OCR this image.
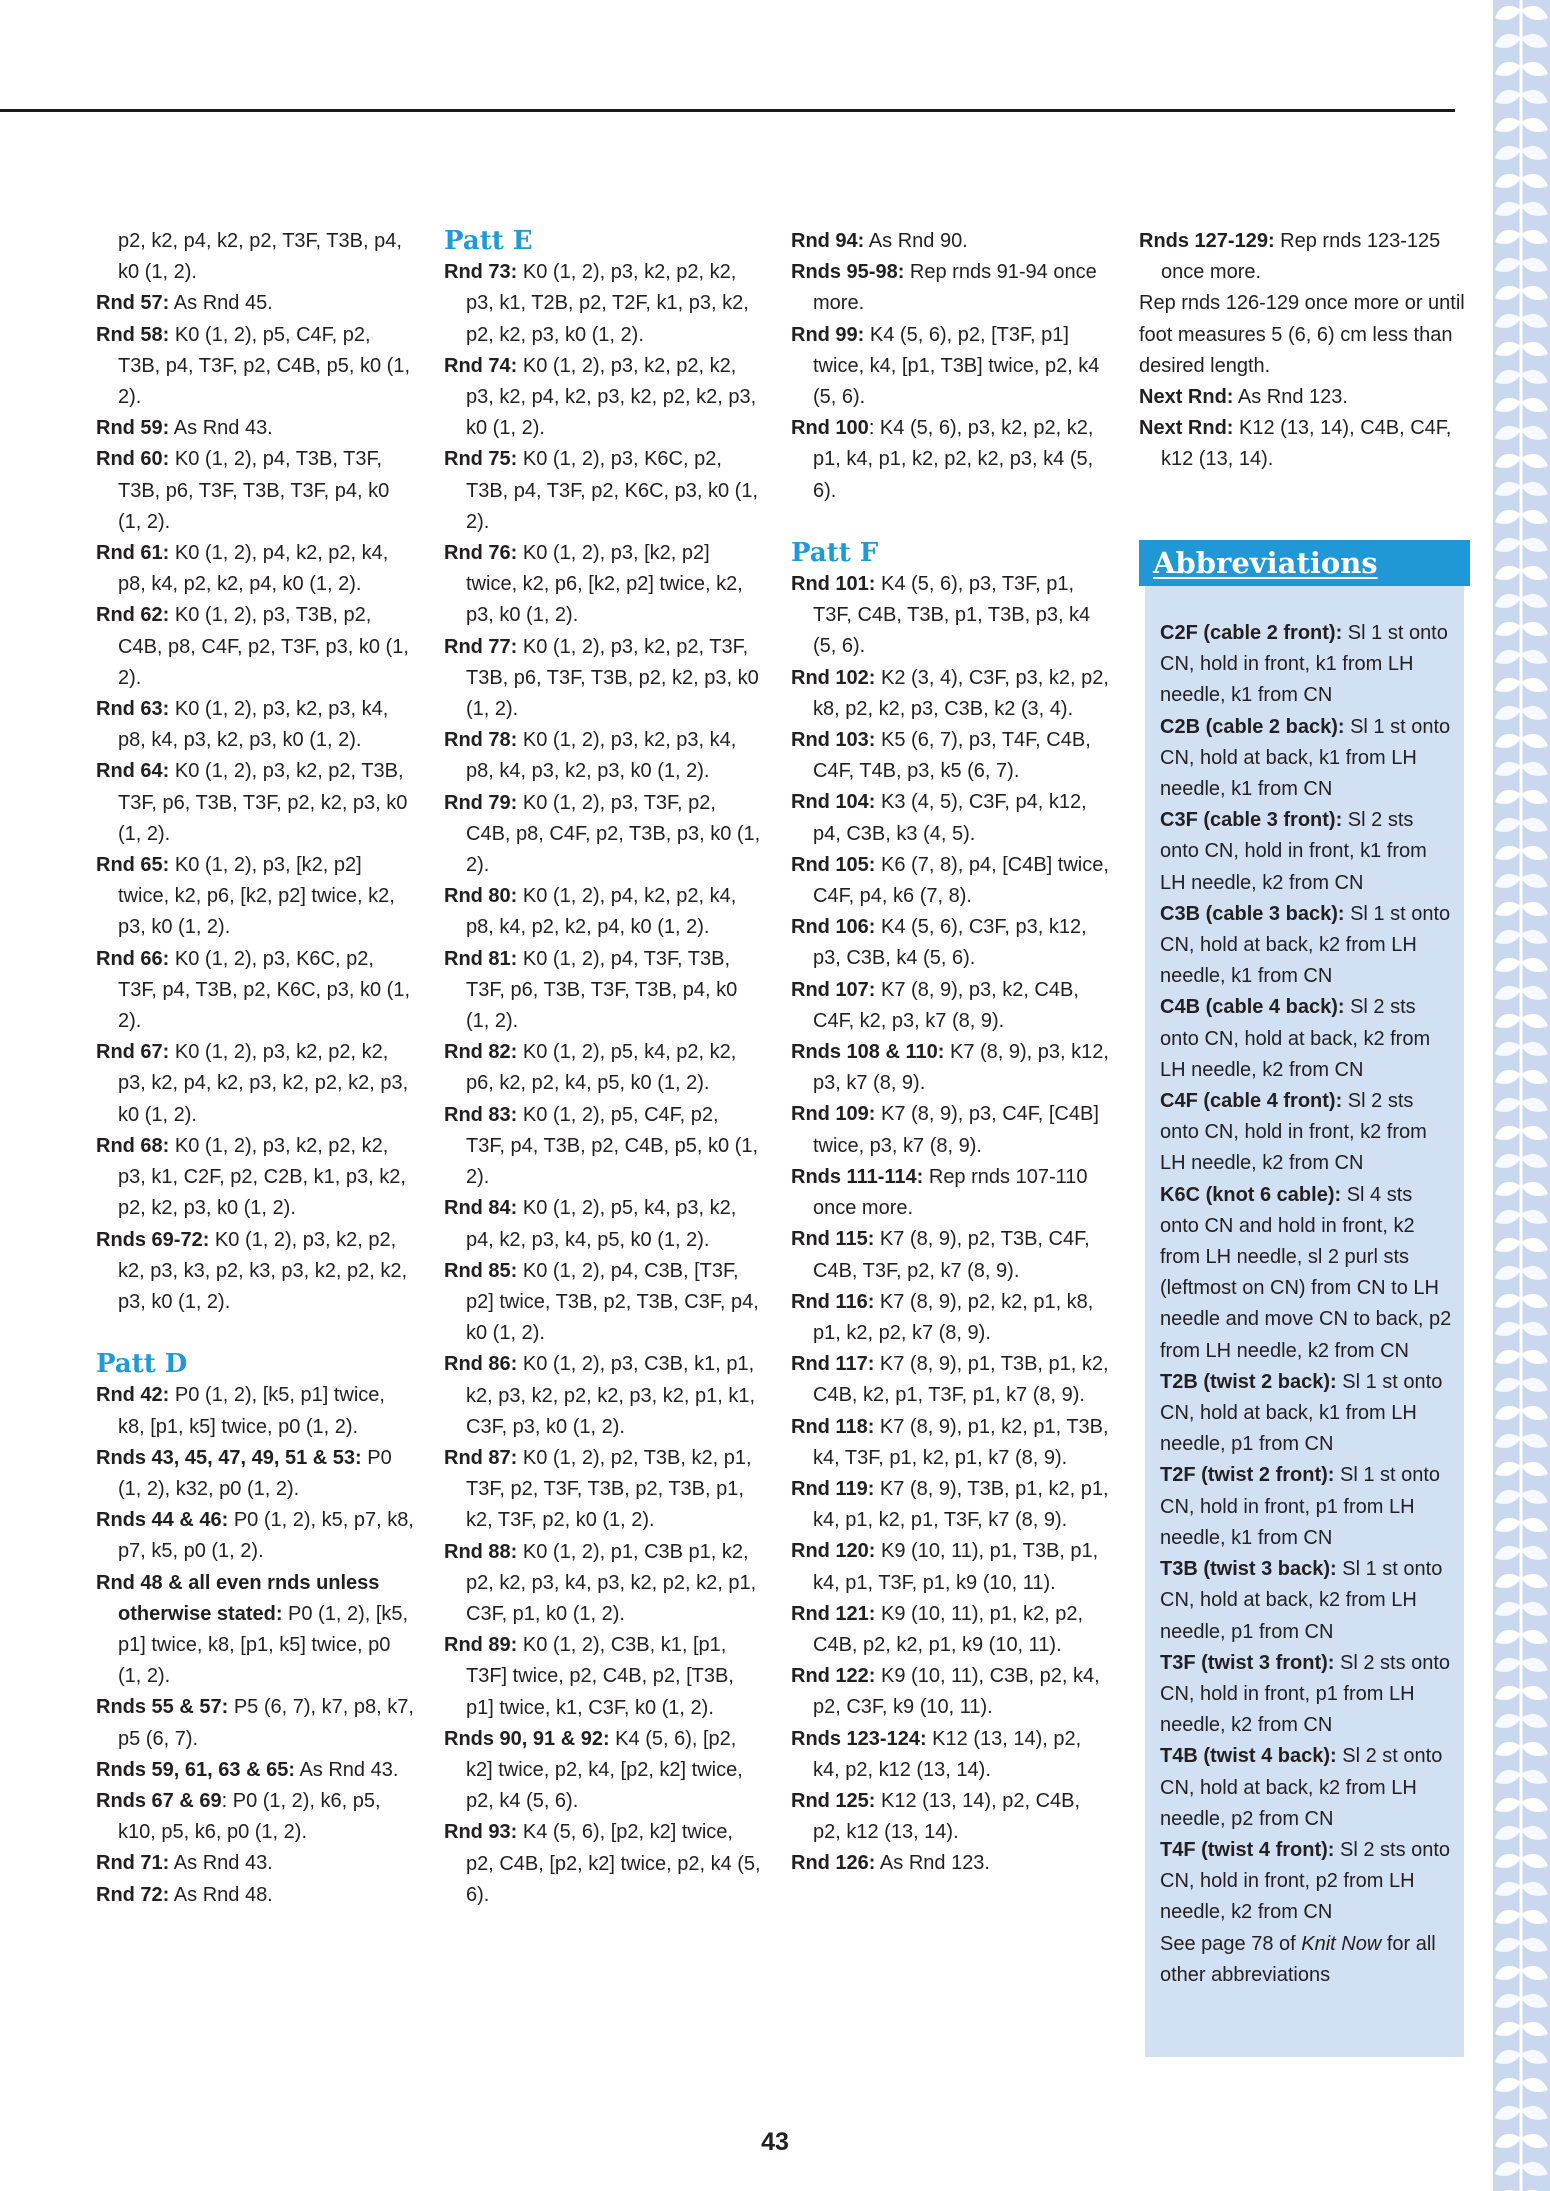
p2, k2, p4, k2, p2, T3F, T3B, p4, k0 (1, 2).
Rnd 57: As Rnd 45.
Rnd 58: K0 (1, 2), p5, C4F, p2, T3B, p4, T3F, p2, C4B, p5, k0 (1, 2).
Rnd 59: As Rnd 43.
Rnd 60: K0 (1, 2), p4, T3B, T3F, T3B, p6, T3F, T3B, T3F, p4, k0 (1, 2).
Rnd 61: K0 (1, 2), p4, k2, p2, k4, p8, k4, p2, k2, p4, k0 (1, 2).
Rnd 62: K0 (1, 2), p3, T3B, p2, C4B, p8, C4F, p2, T3F, p3, k0 (1, 2).
Rnd 63: K0 (1, 2), p3, k2, p3, k4, p8, k4, p3, k2, p3, k0 (1, 2).
Rnd 64: K0 (1, 2), p3, k2, p2, T3B, T3F, p6, T3B, T3F, p2, k2, p3, k0 (1, 2).
Rnd 65: K0 (1, 2), p3, [k2, p2] twice, k2, p6, [k2, p2] twice, k2, p3, k0 (1, 2).
Rnd 66: K0 (1, 2), p3, K6C, p2, T3F, p4, T3B, p2, K6C, p3, k0 (1, 2).
Rnd 67: K0 (1, 2), p3, k2, p2, k2, p3, k2, p4, k2, p3, k2, p2, k2, p3, k0 (1, 2).
Rnd 68: K0 (1, 2), p3, k2, p2, k2, p3, k1, C2F, p2, C2B, k1, p3, k2, p2, k2, p3, k0 (1, 2).
Rnds 69-72: K0 (1, 2), p3, k2, p2, k2, p3, k3, p2, k3, p3, k2, p2, k2, p3, k0 (1, 2).
Patt D
Rnd 42: P0 (1, 2), [k5, p1] twice, k8, [p1, k5] twice, p0 (1, 2).
Rnds 43, 45, 47, 49, 51 & 53: P0 (1, 2), k32, p0 (1, 2).
Rnds 44 & 46: P0 (1, 2), k5, p7, k8, p7, k5, p0 (1, 2).
Rnd 48 & all even rnds unless otherwise stated: P0 (1, 2), [k5, p1] twice, k8, [p1, k5] twice, p0 (1, 2).
Rnds 55 & 57: P5 (6, 7), k7, p8, k7, p5 (6, 7).
Rnds 59, 61, 63 & 65: As Rnd 43.
Rnds 67 & 69: P0 (1, 2), k6, p5, k10, p5, k6, p0 (1, 2).
Rnd 71: As Rnd 43.
Rnd 72: As Rnd 48.
Patt E
Rnd 73: K0 (1, 2), p3, k2, p2, k2, p3, k1, T2B, p2, T2F, k1, p3, k2, p2, k2, p3, k0 (1, 2).
Rnd 74: K0 (1, 2), p3, k2, p2, k2, p3, k2, p4, k2, p3, k2, p2, k2, p3, k0 (1, 2).
Rnd 75: K0 (1, 2), p3, K6C, p2, T3B, p4, T3F, p2, K6C, p3, k0 (1, 2).
Rnd 76: K0 (1, 2), p3, [k2, p2] twice, k2, p6, [k2, p2] twice, k2, p3, k0 (1, 2).
Rnd 77: K0 (1, 2), p3, k2, p2, T3F, T3B, p6, T3F, T3B, p2, k2, p3, k0 (1, 2).
Rnd 78: K0 (1, 2), p3, k2, p3, k4, p8, k4, p3, k2, p3, k0 (1, 2).
Rnd 79: K0 (1, 2), p3, T3F, p2, C4B, p8, C4F, p2, T3B, p3, k0 (1, 2).
Rnd 80: K0 (1, 2), p4, k2, p2, k4, p8, k4, p2, k2, p4, k0 (1, 2).
Rnd 81: K0 (1, 2), p4, T3F, T3B, T3F, p6, T3B, T3F, T3B, p4, k0 (1, 2).
Rnd 82: K0 (1, 2), p5, k4, p2, k2, p6, k2, p2, k4, p5, k0 (1, 2).
Rnd 83: K0 (1, 2), p5, C4F, p2, T3F, p4, T3B, p2, C4B, p5, k0 (1, 2).
Rnd 84: K0 (1, 2), p5, k4, p3, k2, p4, k2, p3, k4, p5, k0 (1, 2).
Rnd 85: K0 (1, 2), p4, C3B, [T3F, p2] twice, T3B, p2, T3B, C3F, p4, k0 (1, 2).
Rnd 86: K0 (1, 2), p3, C3B, k1, p1, k2, p3, k2, p2, k2, p3, k2, p1, k1, C3F, p3, k0 (1, 2).
Rnd 87: K0 (1, 2), p2, T3B, k2, p1, T3F, p2, T3F, T3B, p2, T3B, p1, k2, T3F, p2, k0 (1, 2).
Rnd 88: K0 (1, 2), p1, C3B p1, k2, p2, k2, p3, k4, p3, k2, p2, k2, p1, C3F, p1, k0 (1, 2).
Rnd 89: K0 (1, 2), C3B, k1, [p1, T3F] twice, p2, C4B, p2, [T3B, p1] twice, k1, C3F, k0 (1, 2).
Rnds 90, 91 & 92: K4 (5, 6), [p2, k2] twice, p2, k4, [p2, k2] twice, p2, k4 (5, 6).
Rnd 93: K4 (5, 6), [p2, k2] twice, p2, C4B, [p2, k2] twice, p2, k4 (5, 6).
Rnd 94: As Rnd 90.
Rnds 95-98: Rep rnds 91-94 once more.
Rnd 99: K4 (5, 6), p2, [T3F, p1] twice, k4, [p1, T3B] twice, p2, k4 (5, 6).
Rnd 100: K4 (5, 6), p3, k2, p2, k2, p1, k4, p1, k2, p2, k2, p3, k4 (5, 6).
Patt F
Rnd 101: K4 (5, 6), p3, T3F, p1, T3F, C4B, T3B, p1, T3B, p3, k4 (5, 6).
Rnd 102: K2 (3, 4), C3F, p3, k2, p2, k8, p2, k2, p3, C3B, k2 (3, 4).
Rnd 103: K5 (6, 7), p3, T4F, C4B, C4F, T4B, p3, k5 (6, 7).
Rnd 104: K3 (4, 5), C3F, p4, k12, p4, C3B, k3 (4, 5).
Rnd 105: K6 (7, 8), p4, [C4B] twice, C4F, p4, k6 (7, 8).
Rnd 106: K4 (5, 6), C3F, p3, k12, p3, C3B, k4 (5, 6).
Rnd 107: K7 (8, 9), p3, k2, C4B, C4F, k2, p3, k7 (8, 9).
Rnds 108 & 110: K7 (8, 9), p3, k12, p3, k7 (8, 9).
Rnd 109: K7 (8, 9), p3, C4F, [C4B] twice, p3, k7 (8, 9).
Rnds 111-114: Rep rnds 107-110 once more.
Rnd 115: K7 (8, 9), p2, T3B, C4F, C4B, T3F, p2, k7 (8, 9).
Rnd 116: K7 (8, 9), p2, k2, p1, k8, p1, k2, p2, k7 (8, 9).
Rnd 117: K7 (8, 9), p1, T3B, p1, k2, C4B, k2, p1, T3F, p1, k7 (8, 9).
Rnd 118: K7 (8, 9), p1, k2, p1, T3B, k4, T3F, p1, k2, p1, k7 (8, 9).
Rnd 119: K7 (8, 9), T3B, p1, k2, p1, k4, p1, k2, p1, T3F, k7 (8, 9).
Rnd 120: K9 (10, 11), p1, T3B, p1, k4, p1, T3F, p1, k9 (10, 11).
Rnd 121: K9 (10, 11), p1, k2, p2, C4B, p2, k2, p1, k9 (10, 11).
Rnd 122: K9 (10, 11), C3B, p2, k4, p2, C3F, k9 (10, 11).
Rnds 123-124: K12 (13, 14), p2, k4, p2, k12 (13, 14).
Rnd 125: K12 (13, 14), p2, C4B, p2, k12 (13, 14).
Rnd 126: As Rnd 123.
Rnds 127-129: Rep rnds 123-125 once more.
Rep rnds 126-129 once more or until foot measures 5 (6, 6) cm less than desired length.
Next Rnd: As Rnd 123.
Next Rnd: K12 (13, 14), C4B, C4F, k12 (13, 14).
Abbreviations
C2F (cable 2 front): Sl 1 st onto CN, hold in front, k1 from LH needle, k1 from CN
C2B (cable 2 back): Sl 1 st onto CN, hold at back, k1 from LH needle, k1 from CN
C3F (cable 3 front): Sl 2 sts onto CN, hold in front, k1 from LH needle, k2 from CN
C3B (cable 3 back): Sl 1 st onto CN, hold at back, k2 from LH needle, k1 from CN
C4B (cable 4 back): Sl 2 sts onto CN, hold at back, k2 from LH needle, k2 from CN
C4F (cable 4 front): Sl 2 sts onto CN, hold in front, k2 from LH needle, k2 from CN
K6C (knot 6 cable): Sl 4 sts onto CN and hold in front, k2 from LH needle, sl 2 purl sts (leftmost on CN) from CN to LH needle and move CN to back, p2 from LH needle, k2 from CN
T2B (twist 2 back): Sl 1 st onto CN, hold at back, k1 from LH needle, p1 from CN
T2F (twist 2 front): Sl 1 st onto CN, hold in front, p1 from LH needle, k1 from CN
T3B (twist 3 back): Sl 1 st onto CN, hold at back, k2 from LH needle, p1 from CN
T3F (twist 3 front): Sl 2 sts onto CN, hold in front, p1 from LH needle, k2 from CN
T4B (twist 4 back): Sl 2 st onto CN, hold at back, k2 from LH needle, p2 from CN
T4F (twist 4 front): Sl 2 sts onto CN, hold in front, p2 from LH needle, k2 from CN
See page 78 of Knit Now for all other abbreviations
43
